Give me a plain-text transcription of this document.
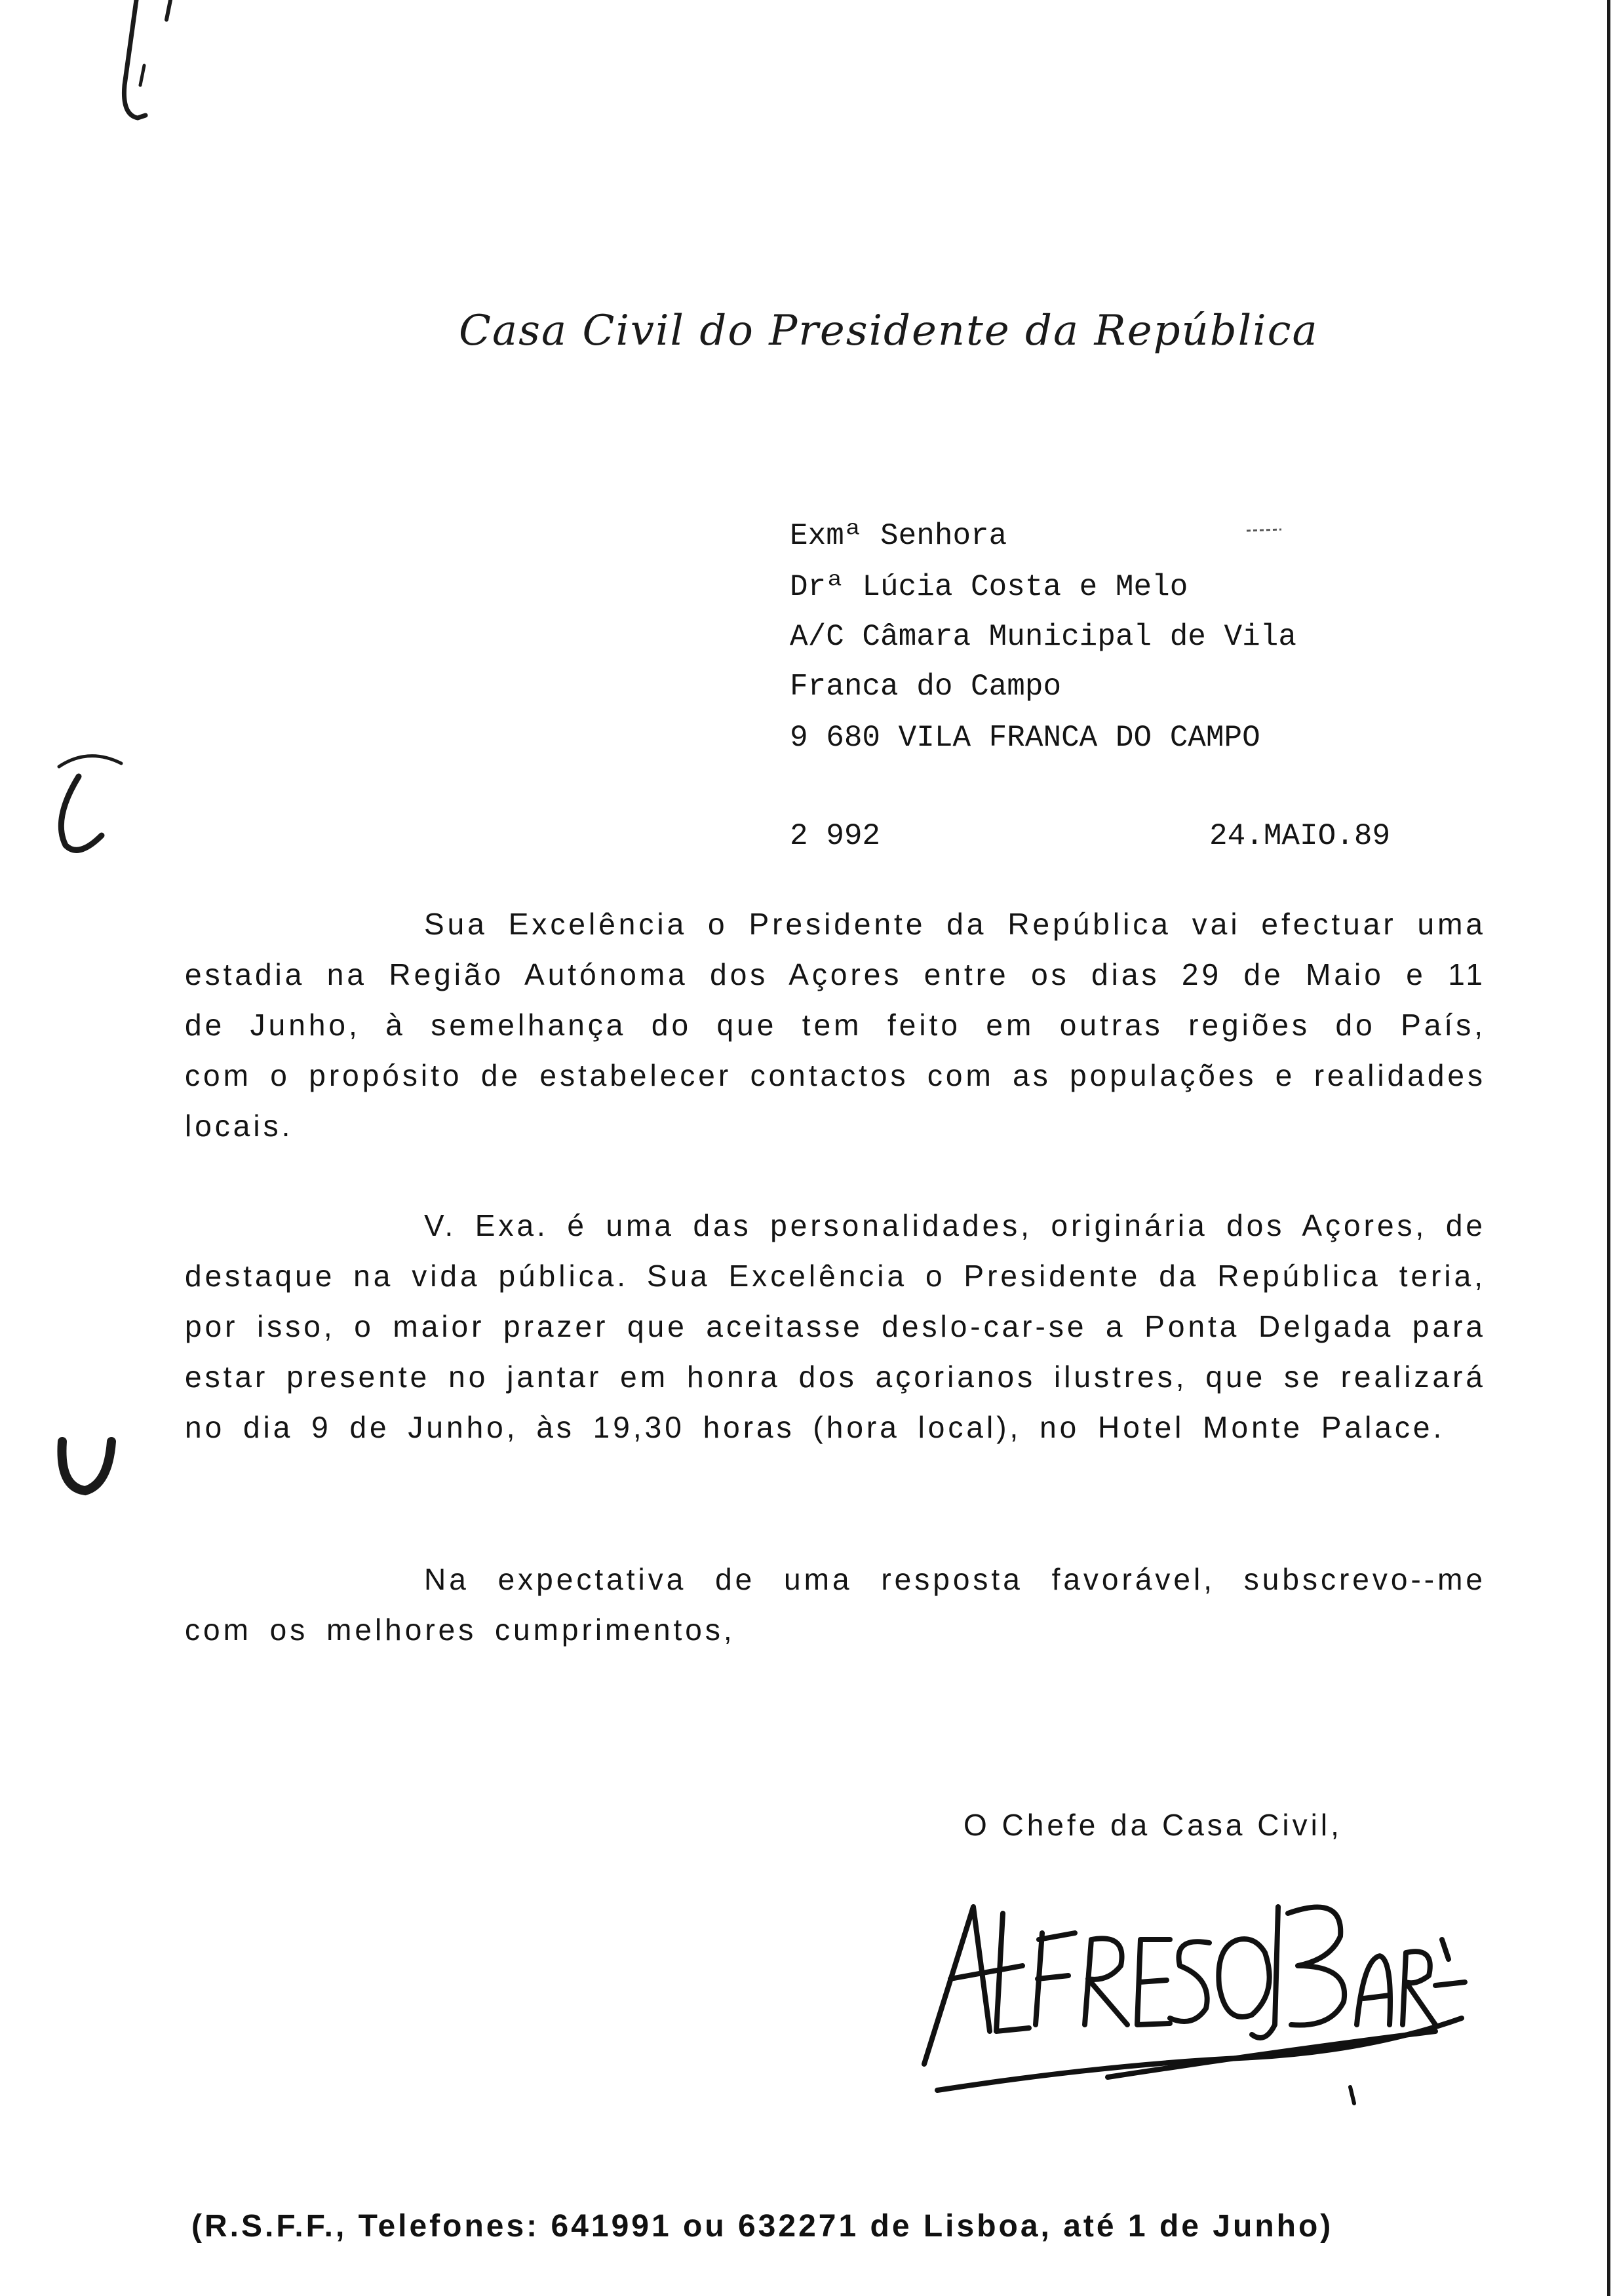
Casa Civil do Presidente da República
Exmª Senhora
Drª Lúcia Costa e Melo
A/C Câmara Municipal de Vila
Franca do Campo
9 680 VILA FRANCA DO CAMPO
2 992	24.MAIO.89

Sua Excelência o Presidente da República vai efectuar uma estadia na Região Autónoma dos Açores entre os dias 29 de Maio e 11 de Junho, à semelhança do que tem feito em outras regiões do País, com o propósito de estabelecer contactos com as populações e realidades locais.

V. Exa. é uma das personalidades, originária dos Açores, de destaque na vida pública. Sua Excelência o Presidente da República teria, por isso, o maior prazer que aceitasse deslo-car-se a Ponta Delgada para estar presente no jantar em honra dos açorianos ilustres, que se realizará no dia 9 de Junho, às 19,30 horas (hora local), no Hotel Monte Palace.

Na expectativa de uma resposta favorável, subscrevo--me com os melhores cumprimentos,

O Chefe da Casa Civil,
(R.S.F.F., Telefones: 641991 ou 632271 de Lisboa, até 1 de Junho)
